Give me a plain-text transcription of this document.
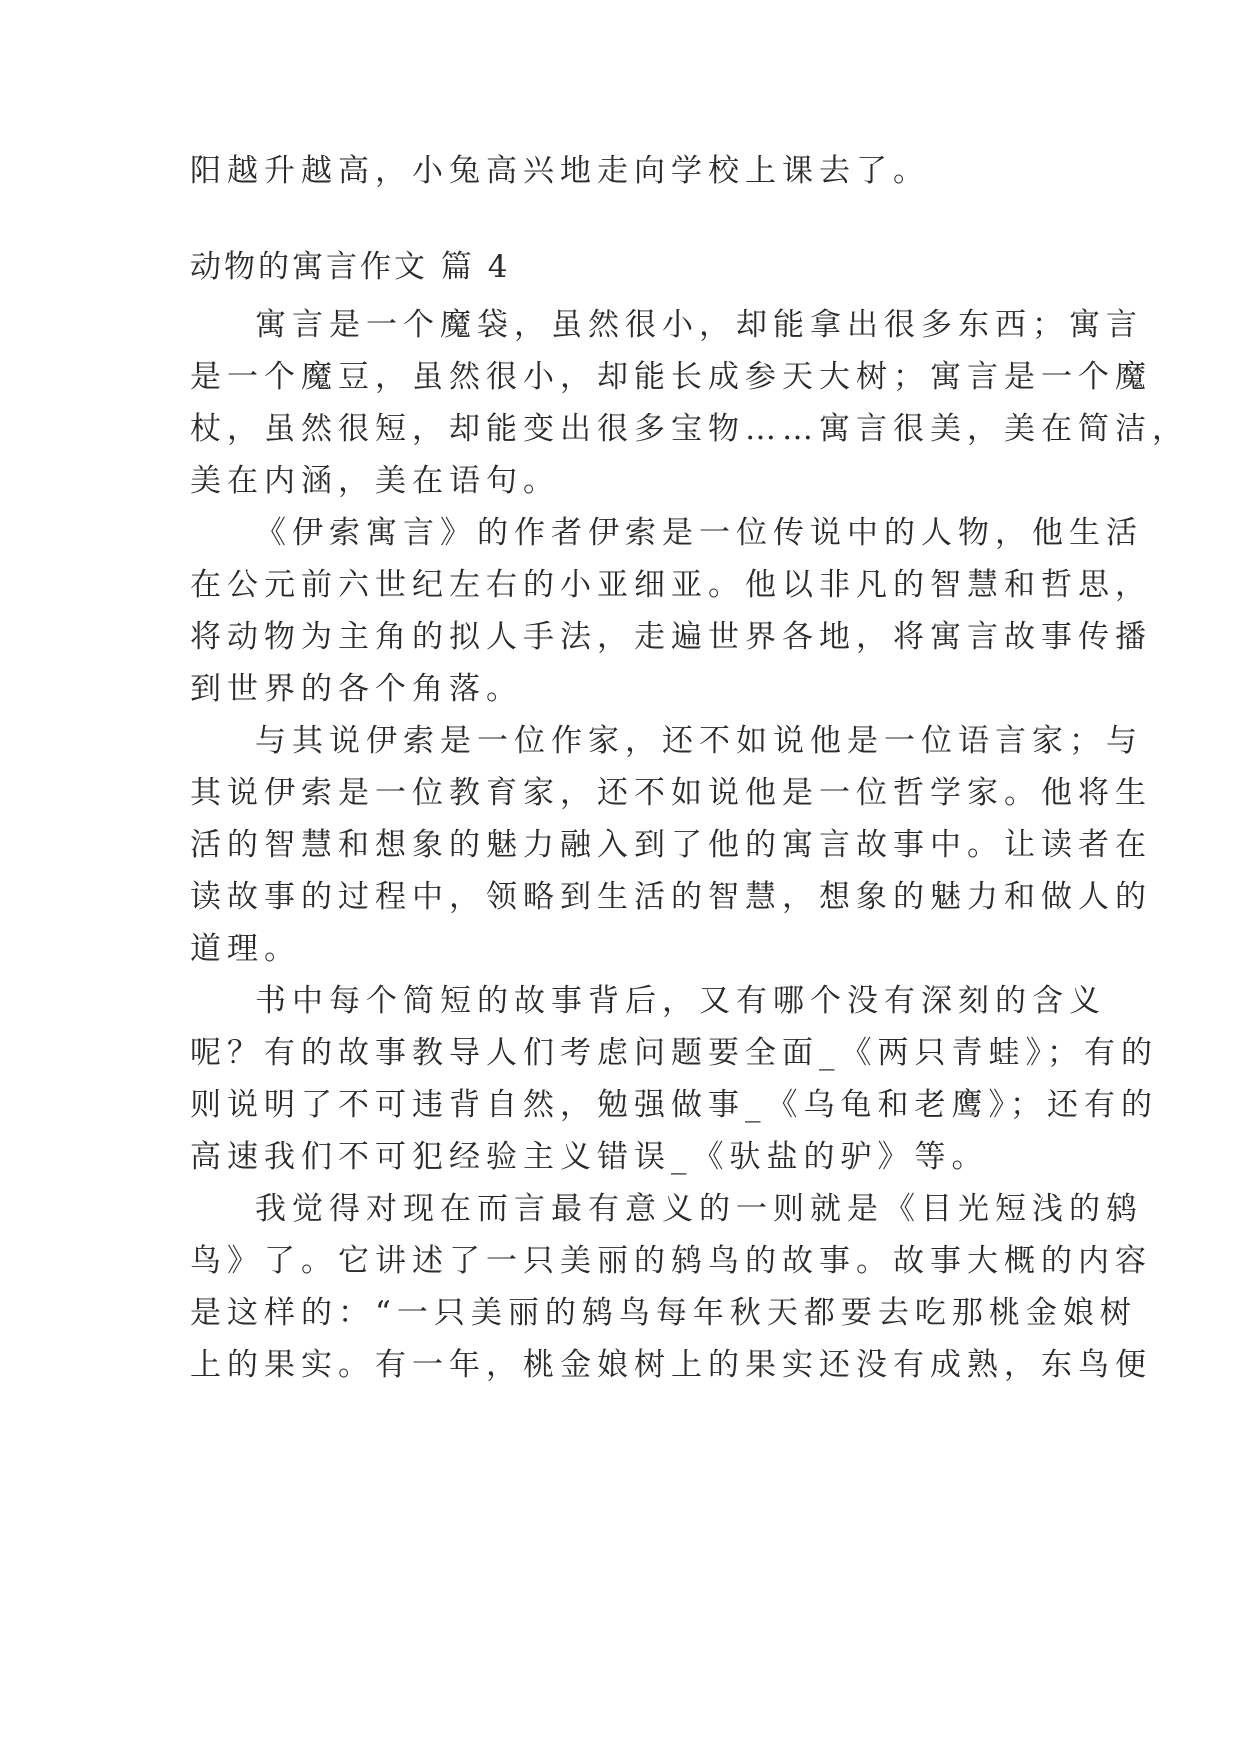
阳越升越高，小兔高兴地走向学校上课去了。
动物的寓言作文 篇 4
寓言是一个魔袋，虽然很小，却能拿出很多东西；寓言
是一个魔豆，虽然很小，却能长成参天大树；寓言是一个魔
杖，虽然很短，却能变出很多宝物……寓言很美，美在简洁，
美在内涵，美在语句。
《伊索寓言》的作者伊索是一位传说中的人物，他生活
在公元前六世纪左右的小亚细亚。他以非凡的智慧和哲思，
将动物为主角的拟人手法，走遍世界各地，将寓言故事传播
到世界的各个角落。
与其说伊索是一位作家，还不如说他是一位语言家；与
其说伊索是一位教育家，还不如说他是一位哲学家。他将生
活的智慧和想象的魅力融入到了他的寓言故事中。让读者在
读故事的过程中，领略到生活的智慧，想象的魅力和做人的
道理。
书中每个简短的故事背后，又有哪个没有深刻的含义
呢？有的故事教导人们考虑问题要全面_《两只青蛙》；有的
则说明了不可违背自然，勉强做事_《乌龟和老鹰》；还有的
高速我们不可犯经验主义错误_《驮盐的驴》等。
我觉得对现在而言最有意义的一则就是《目光短浅的鸫
鸟》了。它讲述了一只美丽的鸫鸟的故事。故事大概的内容
是这样的：“一只美丽的鸫鸟每年秋天都要去吃那桃金娘树
上的果实。有一年，桃金娘树上的果实还没有成熟，东鸟便
